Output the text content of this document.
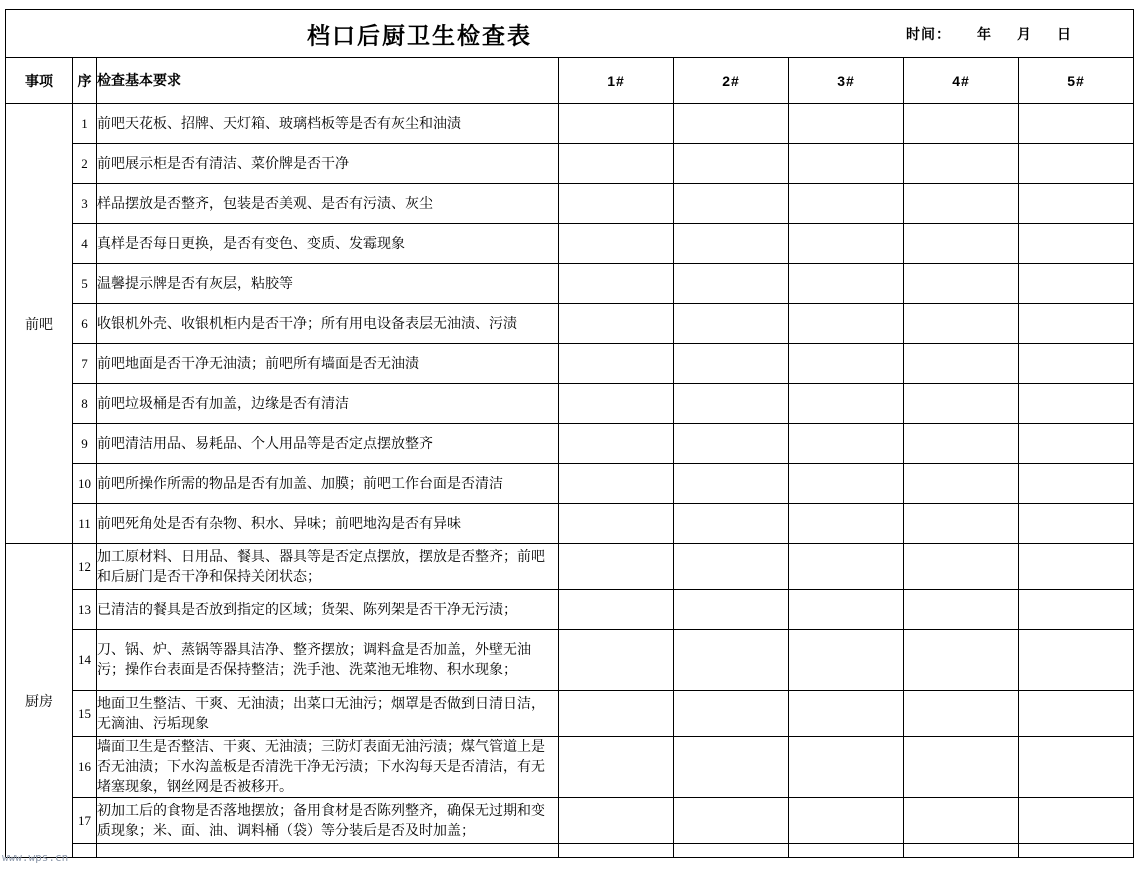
档口后厨卫生检查表 时间： 年 月 日							

事项	序	检查基本要求	1#	2#	3#	4#	5#
前吧	1	前吧天花板、招牌、天灯箱、玻璃档板等是否有灰尘和油渍					
	2	前吧展示柜是否有清洁、菜价牌是否干净					
	3	样品摆放是否整齐，包装是否美观、是否有污渍、灰尘					
	4	真样是否每日更换，是否有变色、变质、发霉现象					
	5	温馨提示牌是否有灰层，粘胶等					
	6	收银机外壳、收银机柜内是否干净；所有用电设备表层无油渍、污渍					
	7	前吧地面是否干净无油渍；前吧所有墙面是否无油渍					
	8	前吧垃圾桶是否有加盖，边缘是否有清洁					
	9	前吧清洁用品、易耗品、个人用品等是否定点摆放整齐					
	10	前吧所操作所需的物品是否有加盖、加膜；前吧工作台面是否清洁					
	11	前吧死角处是否有杂物、积水、异味；前吧地沟是否有异味					
厨房	12	加工原材料、日用品、餐具、器具等是否定点摆放，摆放是否整齐；前吧和后厨门是否干净和保持关闭状态；					
	13	已清洁的餐具是否放到指定的区域；货架、陈列架是否干净无污渍；					
	14	刀、锅、炉、蒸锅等器具洁净、整齐摆放；调料盒是否加盖，外壁无油污；操作台表面是否保持整洁；洗手池、洗菜池无堆物、积水现象；					
	15	地面卫生整洁、干爽、无油渍；出菜口无油污；烟罩是否做到日清日洁，无滴油、污垢现象					
	16	墙面卫生是否整洁、干爽、无油渍；三防灯表面无油污渍；煤气管道上是否无油渍；下水沟盖板是否清洗干净无污渍；下水沟每天是否清洁，有无堵塞现象，钢丝网是否被移开。					
	17	初加工后的食物是否落地摆放；备用食材是否陈列整齐，确保无过期和变质现象；米、面、油、调料桶（袋）等分装后是否及时加盖；					

www.wps.cn
